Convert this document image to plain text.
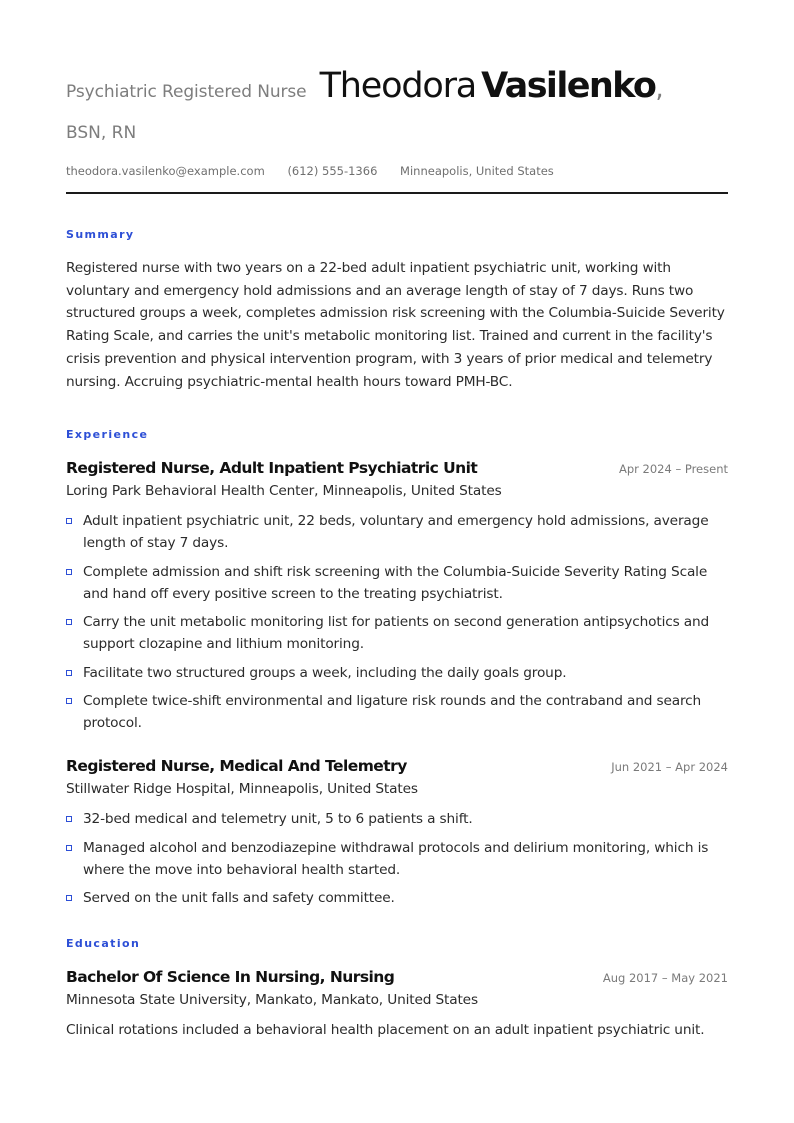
Psychiatric Registered Nurse Theodora Vasilenko,
BSN, RN
theodora.vasilenko@example.com (612) 555-1366 Minneapolis, United States
Summary
Registered nurse with two years on a 22-bed adult inpatient psychiatric unit, working with voluntary and emergency hold admissions and an average length of stay of 7 days. Runs two structured groups a week, completes admission risk screening with the Columbia-Suicide Severity Rating Scale, and carries the unit's metabolic monitoring list. Trained and current in the facility's crisis prevention and physical intervention program, with 3 years of prior medical and telemetry nursing. Accruing psychiatric-mental health hours toward PMH-BC.
Experience
Registered Nurse, Adult Inpatient Psychiatric Unit	Apr 2024 – Present
Loring Park Behavioral Health Center, Minneapolis, United States
Adult inpatient psychiatric unit, 22 beds, voluntary and emergency hold admissions, average length of stay 7 days.
Complete admission and shift risk screening with the Columbia-Suicide Severity Rating Scale and hand off every positive screen to the treating psychiatrist.
Carry the unit metabolic monitoring list for patients on second generation antipsychotics and support clozapine and lithium monitoring.
Facilitate two structured groups a week, including the daily goals group.
Complete twice-shift environmental and ligature risk rounds and the contraband and search protocol.
Registered Nurse, Medical And Telemetry	Jun 2021 – Apr 2024
Stillwater Ridge Hospital, Minneapolis, United States
32-bed medical and telemetry unit, 5 to 6 patients a shift.
Managed alcohol and benzodiazepine withdrawal protocols and delirium monitoring, which is where the move into behavioral health started.
Served on the unit falls and safety committee.
Education
Bachelor Of Science In Nursing, Nursing	Aug 2017 – May 2021
Minnesota State University, Mankato, Mankato, United States
Clinical rotations included a behavioral health placement on an adult inpatient psychiatric unit.
